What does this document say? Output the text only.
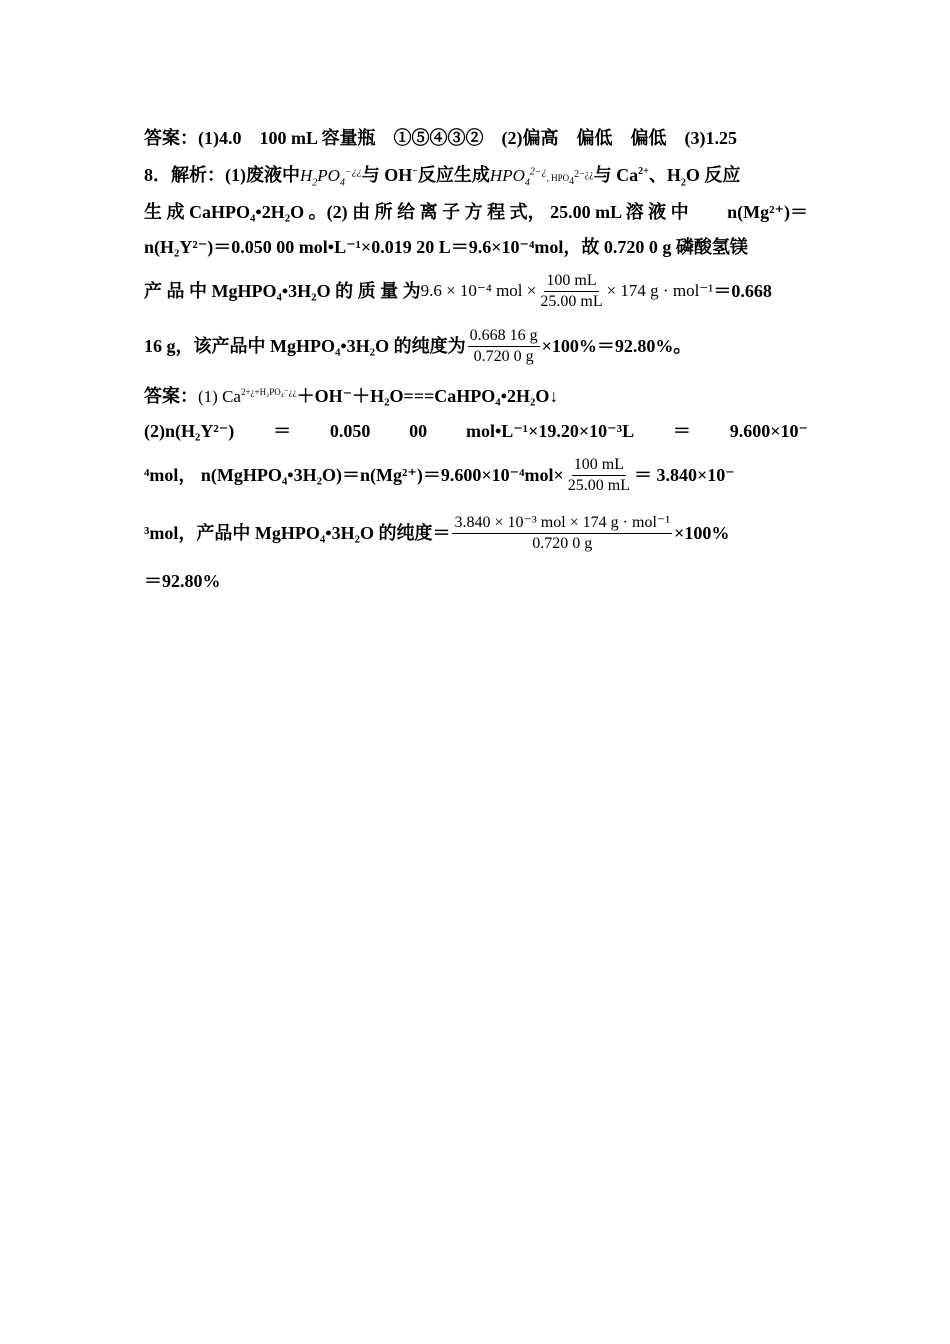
答案：(1)4.0　100 mL 容量瓶　①⑤④③②　(2)偏高　偏低　偏低　(3)1.25
8．解析：(1)废液中$H_2PO_4^{-¿¿}$与 OH−反应生成$HPO_4^{2-¿}$, $HPO_4^{2-¿¿}$与 $Ca^{2+}$、$H_2O$ 反应
生 成 CaHPO₄•2H₂O 。(2) 由 所 给 离 子 方 程 式， 25.00 mL 溶 液 中 n(Mg²⁺)＝
n(H₂Y²⁻)＝0.050 00 mol•L⁻¹×0.019 20 L＝9.6×10⁻⁴mol，故 0.720 0 g 磷酸氢镁
产 品 中 MgHPO₄•3H₂O 的 质 量 为 9.6 × 10⁻⁴ mol × $\frac{100 mL}{25.00 mL} \times 174$ g · mol⁻¹ ＝0.668
16 g，该产品中 MgHPO₄•3H₂O 的纯度为 $\frac{0.668 16 g}{0.720 0 g} \times 100\%=92.80\%$。
答案：(1) $Ca^{2+¿+H_2PO_4^-¿¿}+OH^-+H_2O===CaHPO_4•2H_2O↓$
(2)n(H₂Y²⁻) ＝ 0.050 00 mol•L⁻¹×19.20×10⁻³L ＝ 9.600×10⁻
⁴mol， n(MgHPO₄•3H₂O)＝n(Mg²⁺)＝9.600×10⁻⁴mol× $\frac{100 mL}{25.00 mL} = 3.840\times 10^-$
³mol，产品中 MgHPO₄•3H₂O 的纯度＝ $\frac{\text{3.840 × 10⁻³ mol × 174 g · mol⁻¹}}{0.720 0 g} \times 100\%$
＝92.80%
